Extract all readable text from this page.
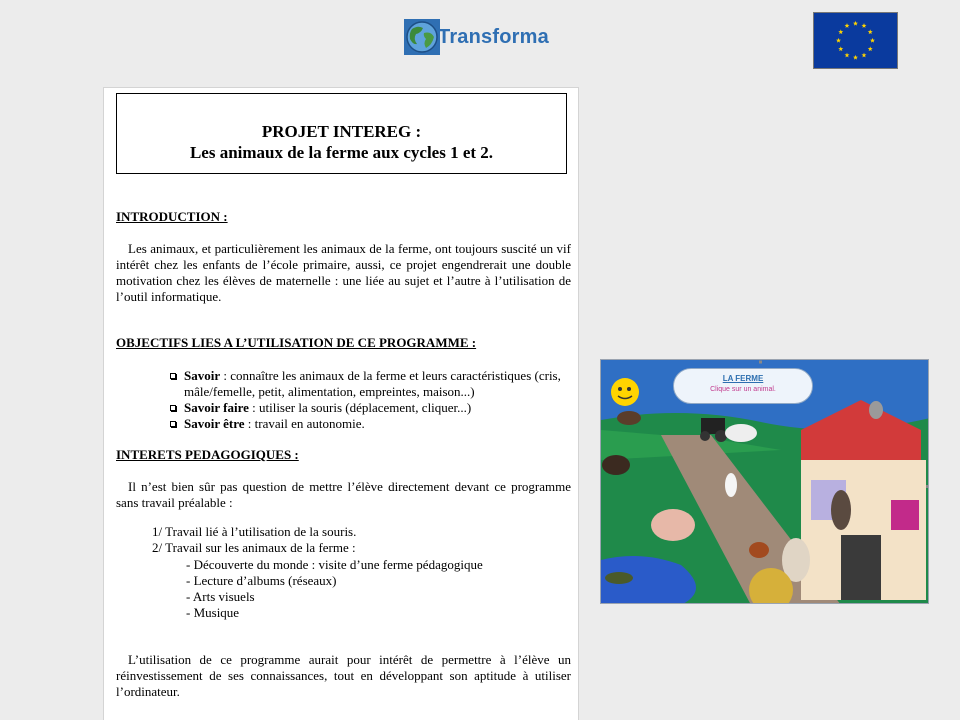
Transforma
PROJET INTEREG :
Les animaux de la ferme aux cycles 1 et 2.
INTRODUCTION :
Les animaux, et particulièrement les animaux de la ferme, ont toujours suscité un vif intérêt chez les enfants de l’école primaire, aussi, ce projet engendrerait une double motivation chez les élèves de maternelle : une liée au sujet et l’autre à l’utilisation de l’outil informatique.
OBJECTIFS LIES A L’UTILISATION DE CE PROGRAMME :
Savoir : connaître les animaux de la ferme et leurs caractéristiques (cris, mâle/femelle, petit, alimentation, empreintes, maison...)
Savoir faire : utiliser la souris (déplacement, cliquer...)
Savoir être : travail en autonomie.
INTERETS PEDAGOGIQUES :
Il n’est bien sûr pas question de mettre l’élève directement devant ce programme sans travail préalable :
1/ Travail lié à l’utilisation de la souris.
2/ Travail sur les animaux de la ferme :
- Découverte du monde : visite d’une ferme pédagogique
- Lecture d’albums (réseaux)
- Arts visuels
- Musique
L’utilisation de ce programme aurait pour intérêt de permettre à l’élève un réinvestissement de ses connaissances, tout en développant son aptitude à utiliser l’ordinateur.
LA FERME
Clique sur un animal.
